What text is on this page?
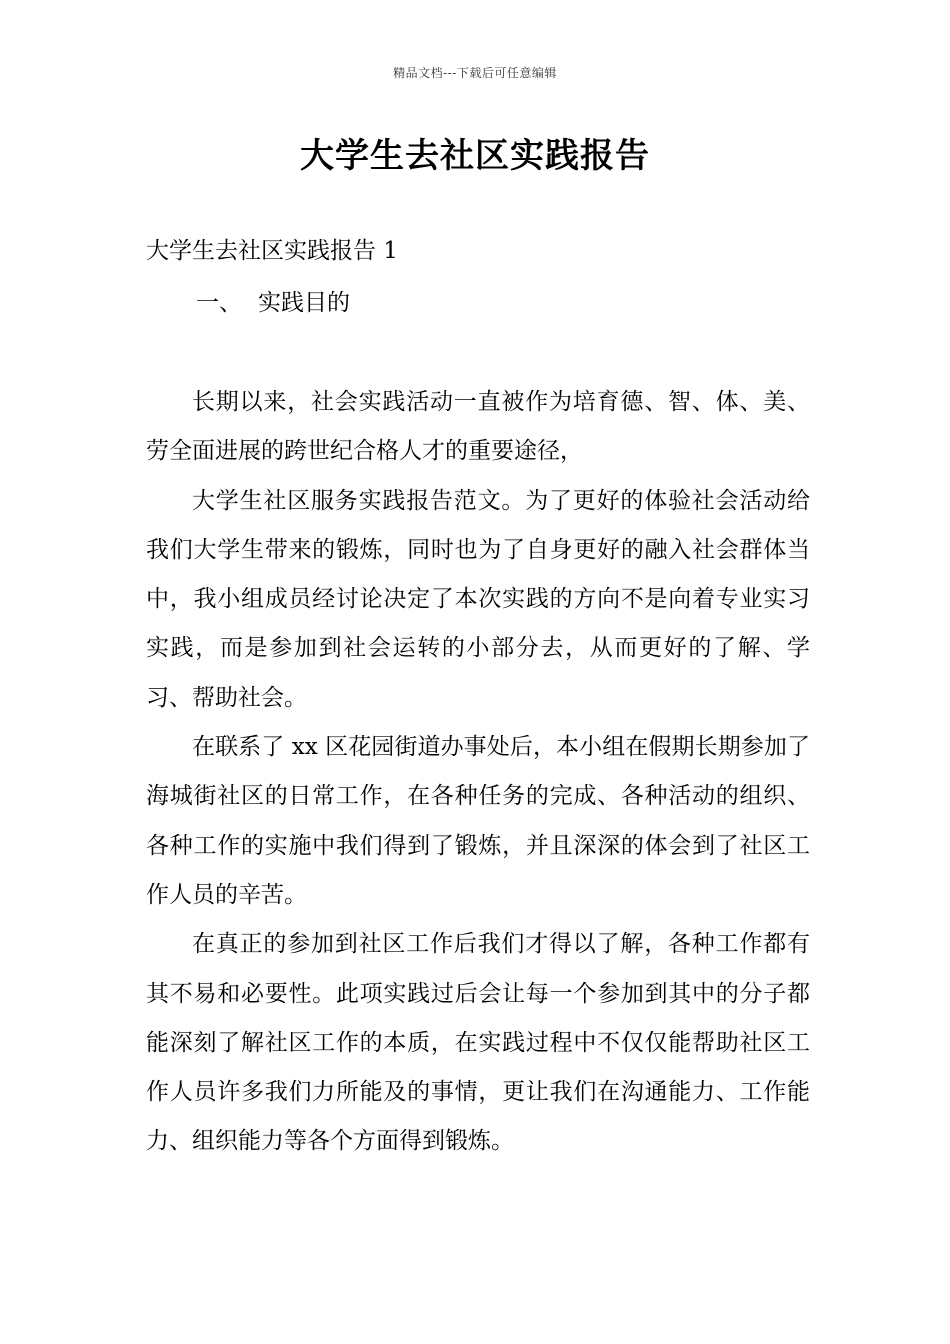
精品文档---下载后可任意编辑
大学生去社区实践报告
大学生去社区实践报告 1
一、 实践目的

长期以来，社会实践活动一直被作为培育德、智、体、美、劳全面进展的跨世纪合格人才的重要途径，

大学生社区服务实践报告范文。为了更好的体验社会活动给我们大学生带来的锻炼，同时也为了自身更好的融入社会群体当中，我小组成员经讨论决定了本次实践的方向不是向着专业实习实践，而是参加到社会运转的小部分去，从而更好的了解、学习、帮助社会。

在联系了 xx 区花园街道办事处后，本小组在假期长期参加了海城街社区的日常工作，在各种任务的完成、各种活动的组织、各种工作的实施中我们得到了锻炼，并且深深的体会到了社区工作人员的辛苦。

在真正的参加到社区工作后我们才得以了解，各种工作都有其不易和必要性。此项实践过后会让每一个参加到其中的分子都能深刻了解社区工作的本质，在实践过程中不仅仅能帮助社区工作人员许多我们力所能及的事情，更让我们在沟通能力、工作能力、组织能力等各个方面得到锻炼。
